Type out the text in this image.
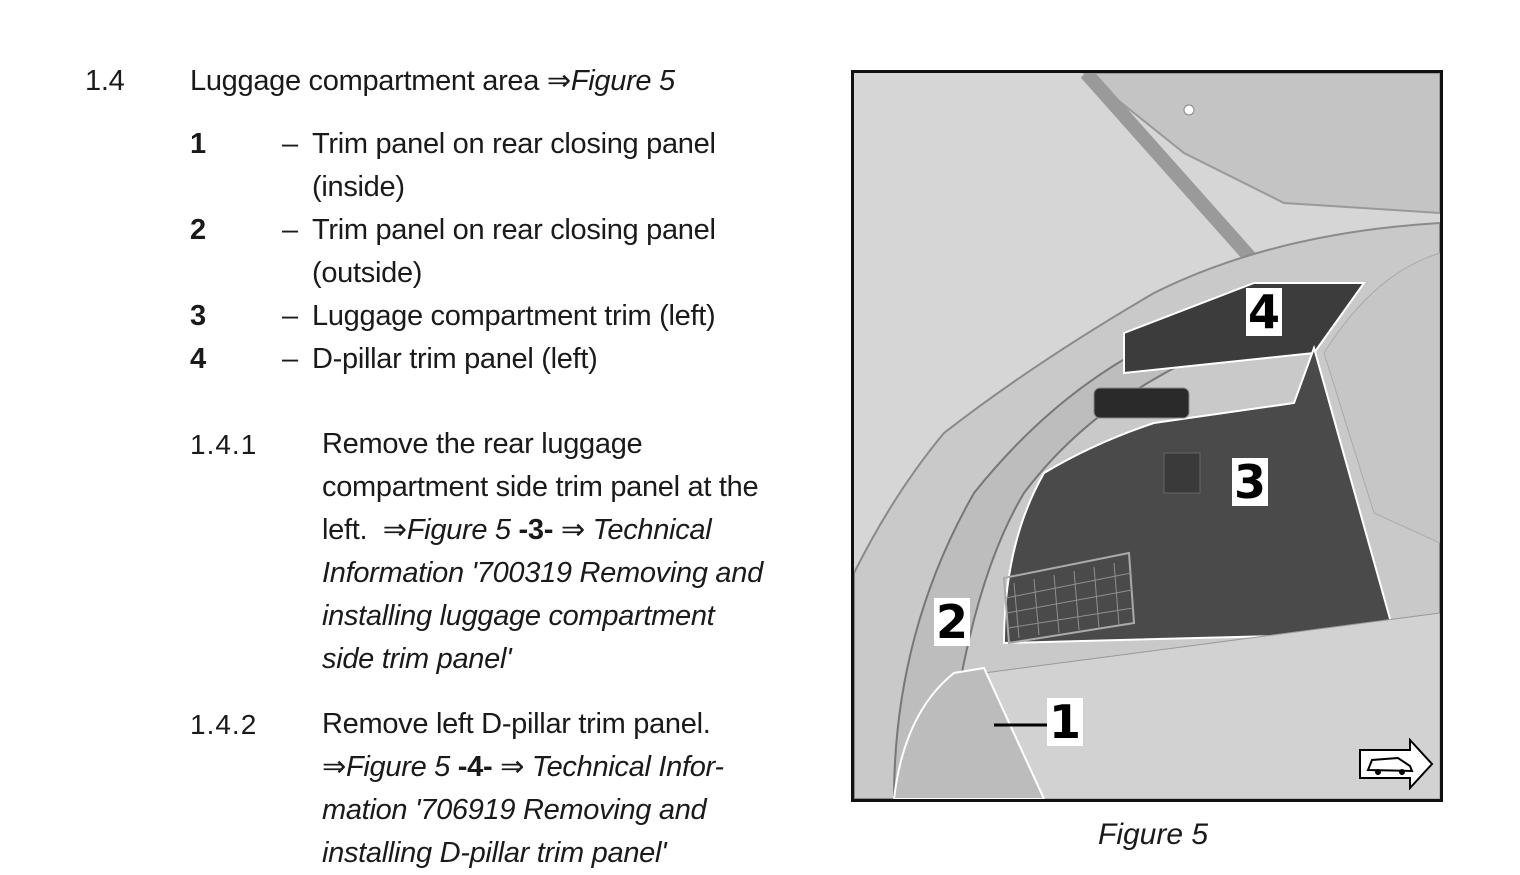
1.4 Luggage compartment area ⇒Figure 5
1	– Trim panel on rear closing panel
(inside)
2	– Trim panel on rear closing panel
(outside)
3	– Luggage compartment trim (left)
4	– D-pillar trim panel (left)
1.4.1 Remove the rear luggage
compartment side trim panel at the
left. ⇒Figure 5 -3- ⇒ Technical
Information '700319 Removing and
installing luggage compartment
side trim panel'
1.4.2 Remove left D-pillar trim panel.
⇒Figure 5 -4- ⇒ Technical Infor-
mation '706919 Removing and
installing D-pillar trim panel'
4
3
2
1
Figure 5
